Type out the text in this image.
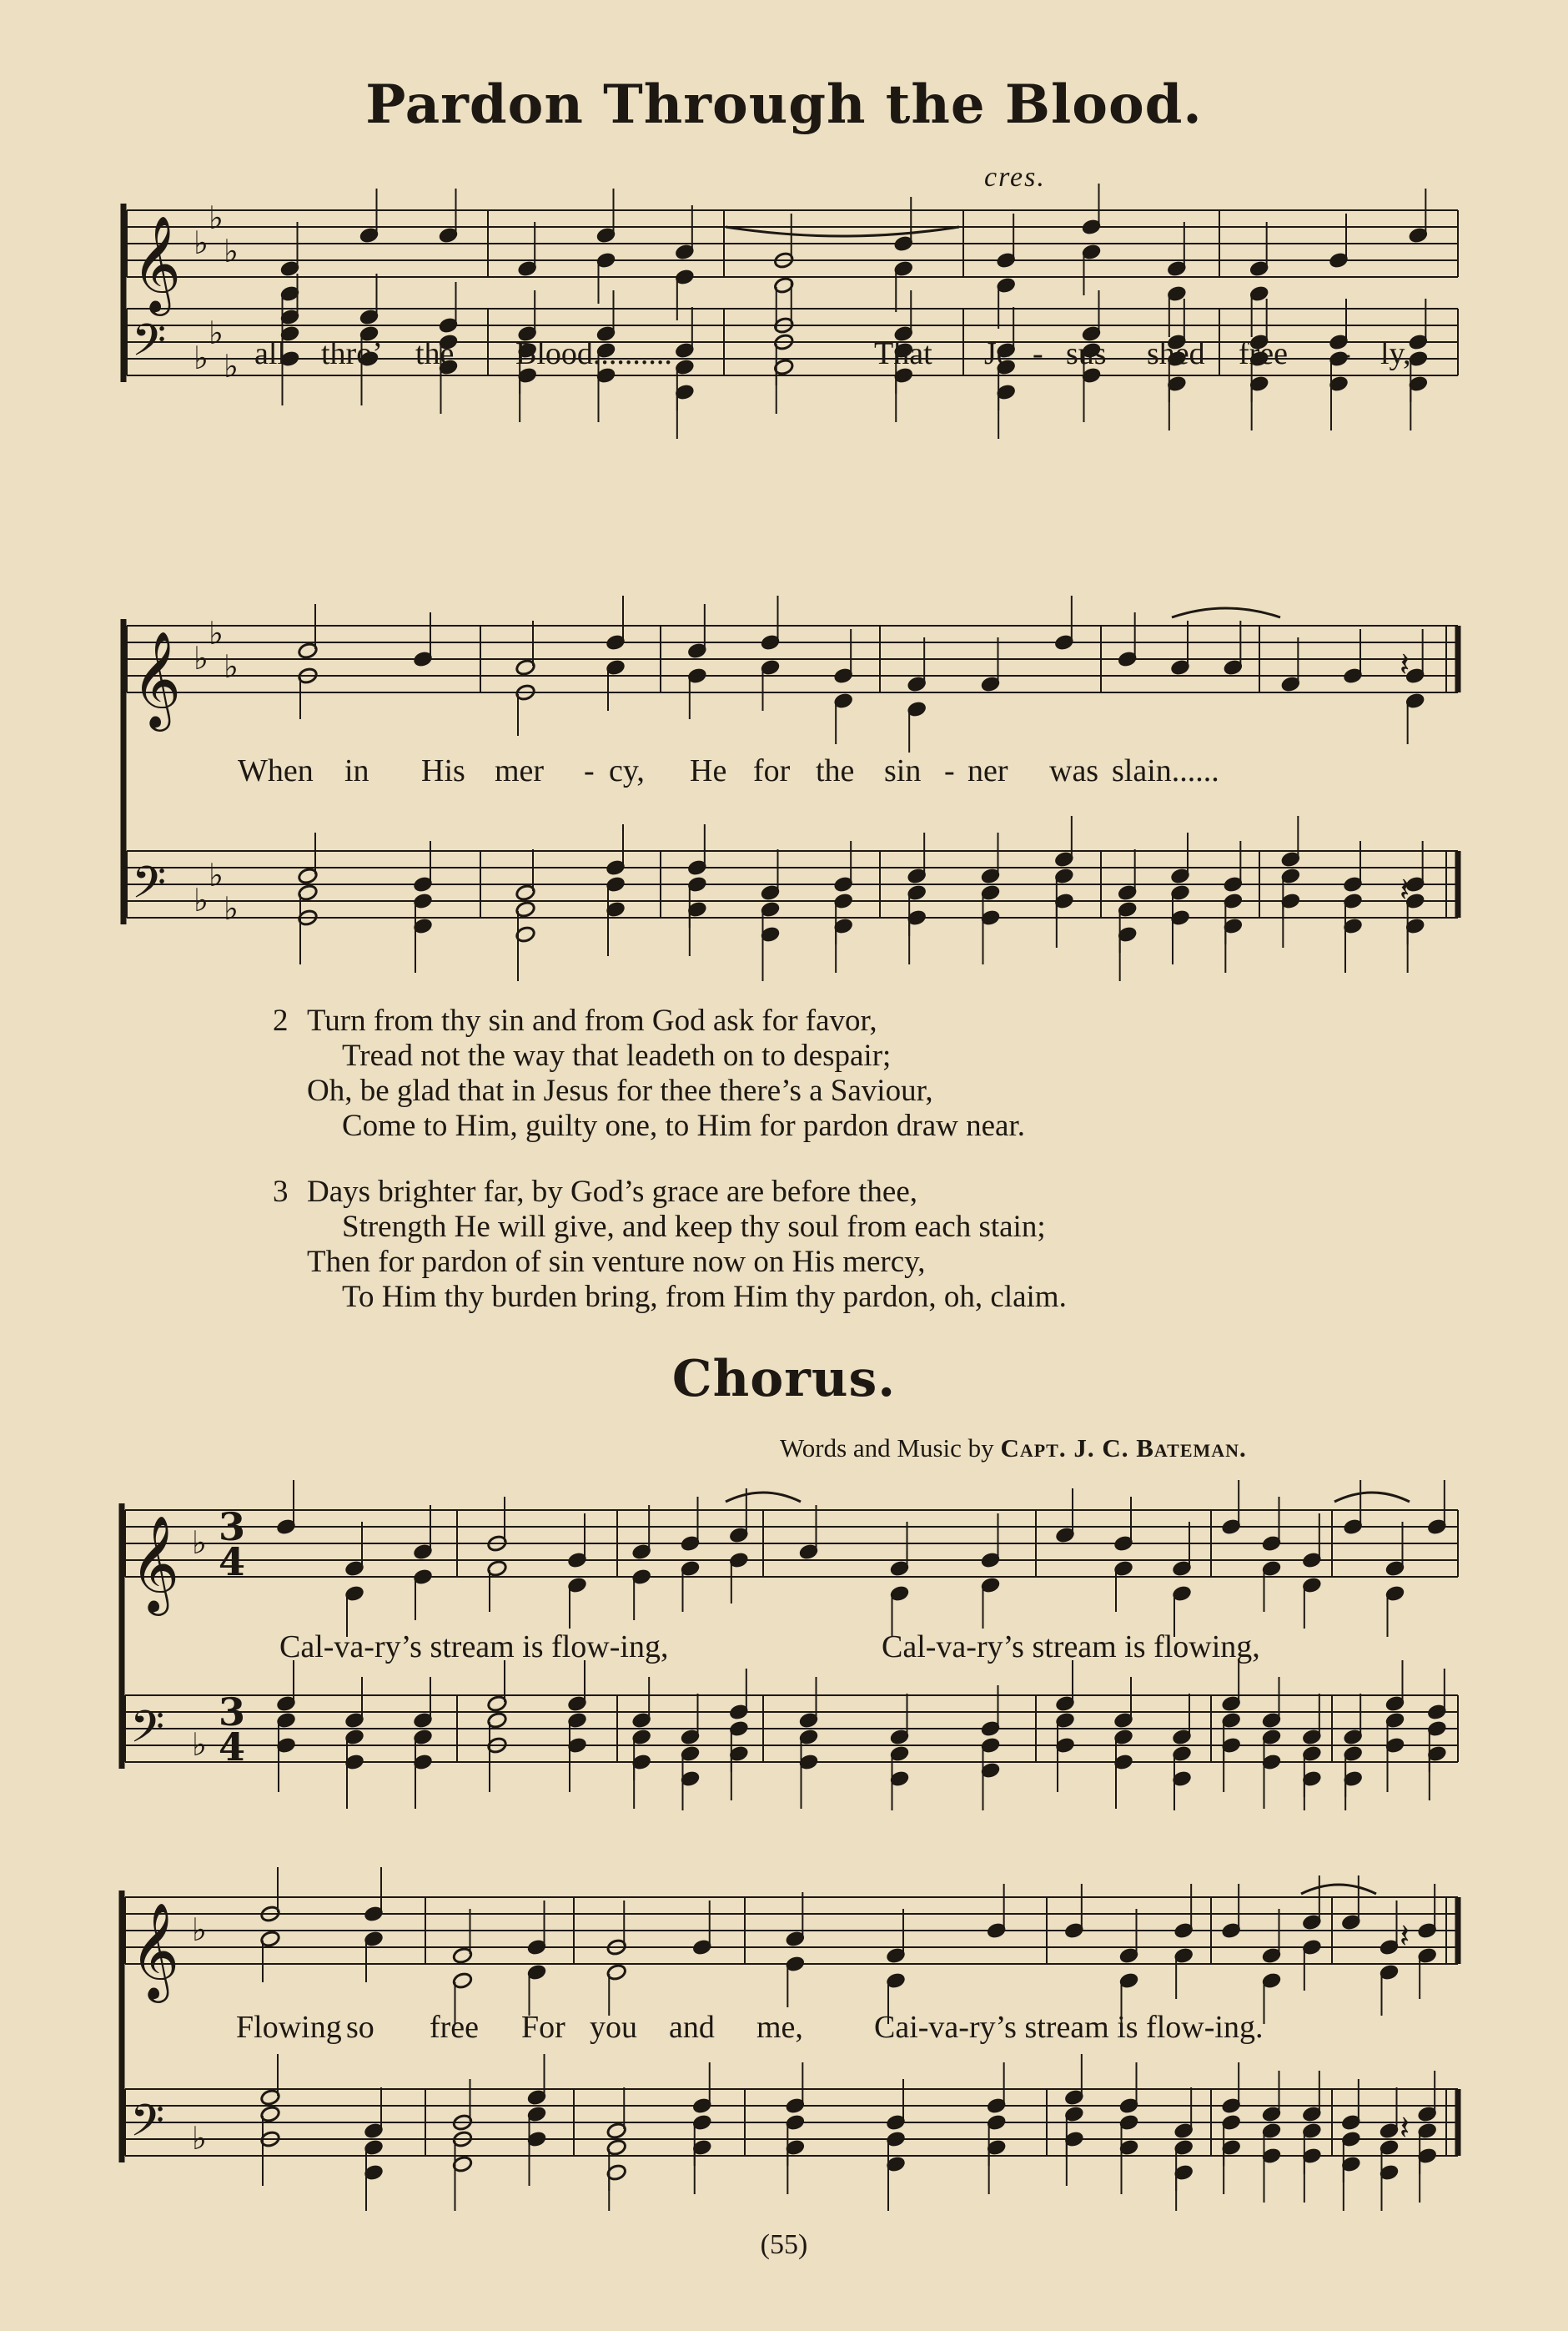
Pardon Through the Blood.
cres.
𝄞
𝄢
♭
♭
♭
♭
♭
♭ all thro’ the Blood..........	That Je - sus shed free - ly,
𝄞
𝄢
♭
♭
♭
♭
♭
♭
𝄽
𝄽
When in His mer - cy, He for the sin - ner was slain......
2 Turn from thy sin and from God ask for favor,
Tread not the way that leadeth on to despair;
Oh, be glad that in Jesus for thee there’s a Saviour,
Come to Him, guilty one, to Him for pardon draw near.
3 Days brighter far, by God’s grace are before thee,
Strength He will give, and keep thy soul from each stain;
Then for pardon of sin venture now on His mercy,
To Him thy burden bring, from Him thy pardon, oh, claim.
Chorus.
Words and Music by Capt. J. C. Bateman.
𝄞
𝄢
♭
♭
3
4
3
4
Cal-va-ry’s stream is flow-ing,	Cal-va-ry’s stream is flowing,
𝄞
𝄢
♭
♭
𝄽
𝄽
Flowing so free For you and me, Cai-va-ry’s stream is flow-ing.
(55)
